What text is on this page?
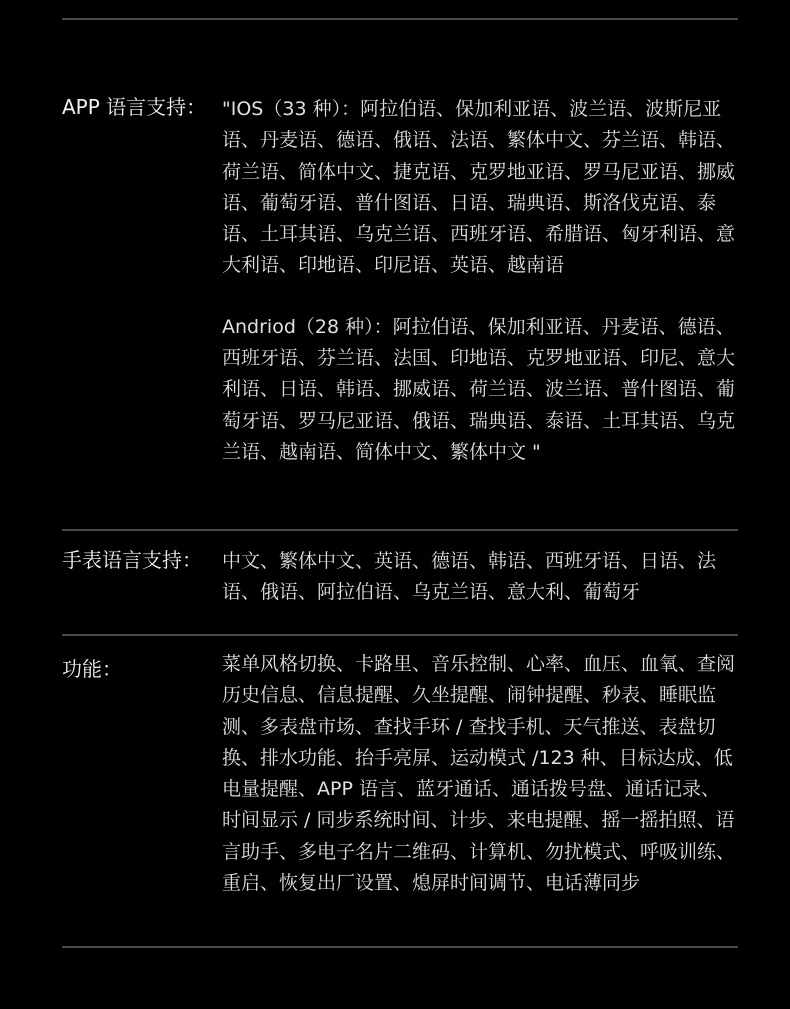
APP 语言支持： "IOS（33 种）：阿拉伯语、保加利亚语、波兰语、波斯尼亚语、丹麦语、德语、俄语、法语、繁体中文、芬兰语、韩语、荷兰语、简体中文、捷克语、克罗地亚语、罗马尼亚语、挪威语、葡萄牙语、普什图语、日语、瑞典语、斯洛伐克语、泰语、土耳其语、乌克兰语、西班牙语、希腊语、匈牙利语、意大利语、印地语、印尼语、英语、越南语

Andriod（28 种）：阿拉伯语、保加利亚语、丹麦语、德语、西班牙语、芬兰语、法国、印地语、克罗地亚语、印尼、意大利语、日语、韩语、挪威语、荷兰语、波兰语、普什图语、葡萄牙语、罗马尼亚语、俄语、瑞典语、泰语、土耳其语、乌克兰语、越南语、简体中文、繁体中文 "

手表语言支持： 中文、繁体中文、英语、德语、韩语、西班牙语、日语、法语、俄语、阿拉伯语、乌克兰语、意大利、葡萄牙
功能：	菜单风格切换、卡路里、音乐控制、心率、血压、血氧、查阅历史信息、信息提醒、久坐提醒、闹钟提醒、秒表、睡眠监测、多表盘市场、查找手环 / 查找手机、天气推送、表盘切换、排水功能、抬手亮屏、运动模式 /123 种、目标达成、低电量提醒、APP 语言、蓝牙通话、通话拨号盘、通话记录、时间显示 / 同步系统时间、计步、来电提醒、摇一摇拍照、语言助手、多电子名片二维码、计算机、勿扰模式、呼吸训练、重启、恢复出厂设置、熄屏时间调节、电话薄同步
